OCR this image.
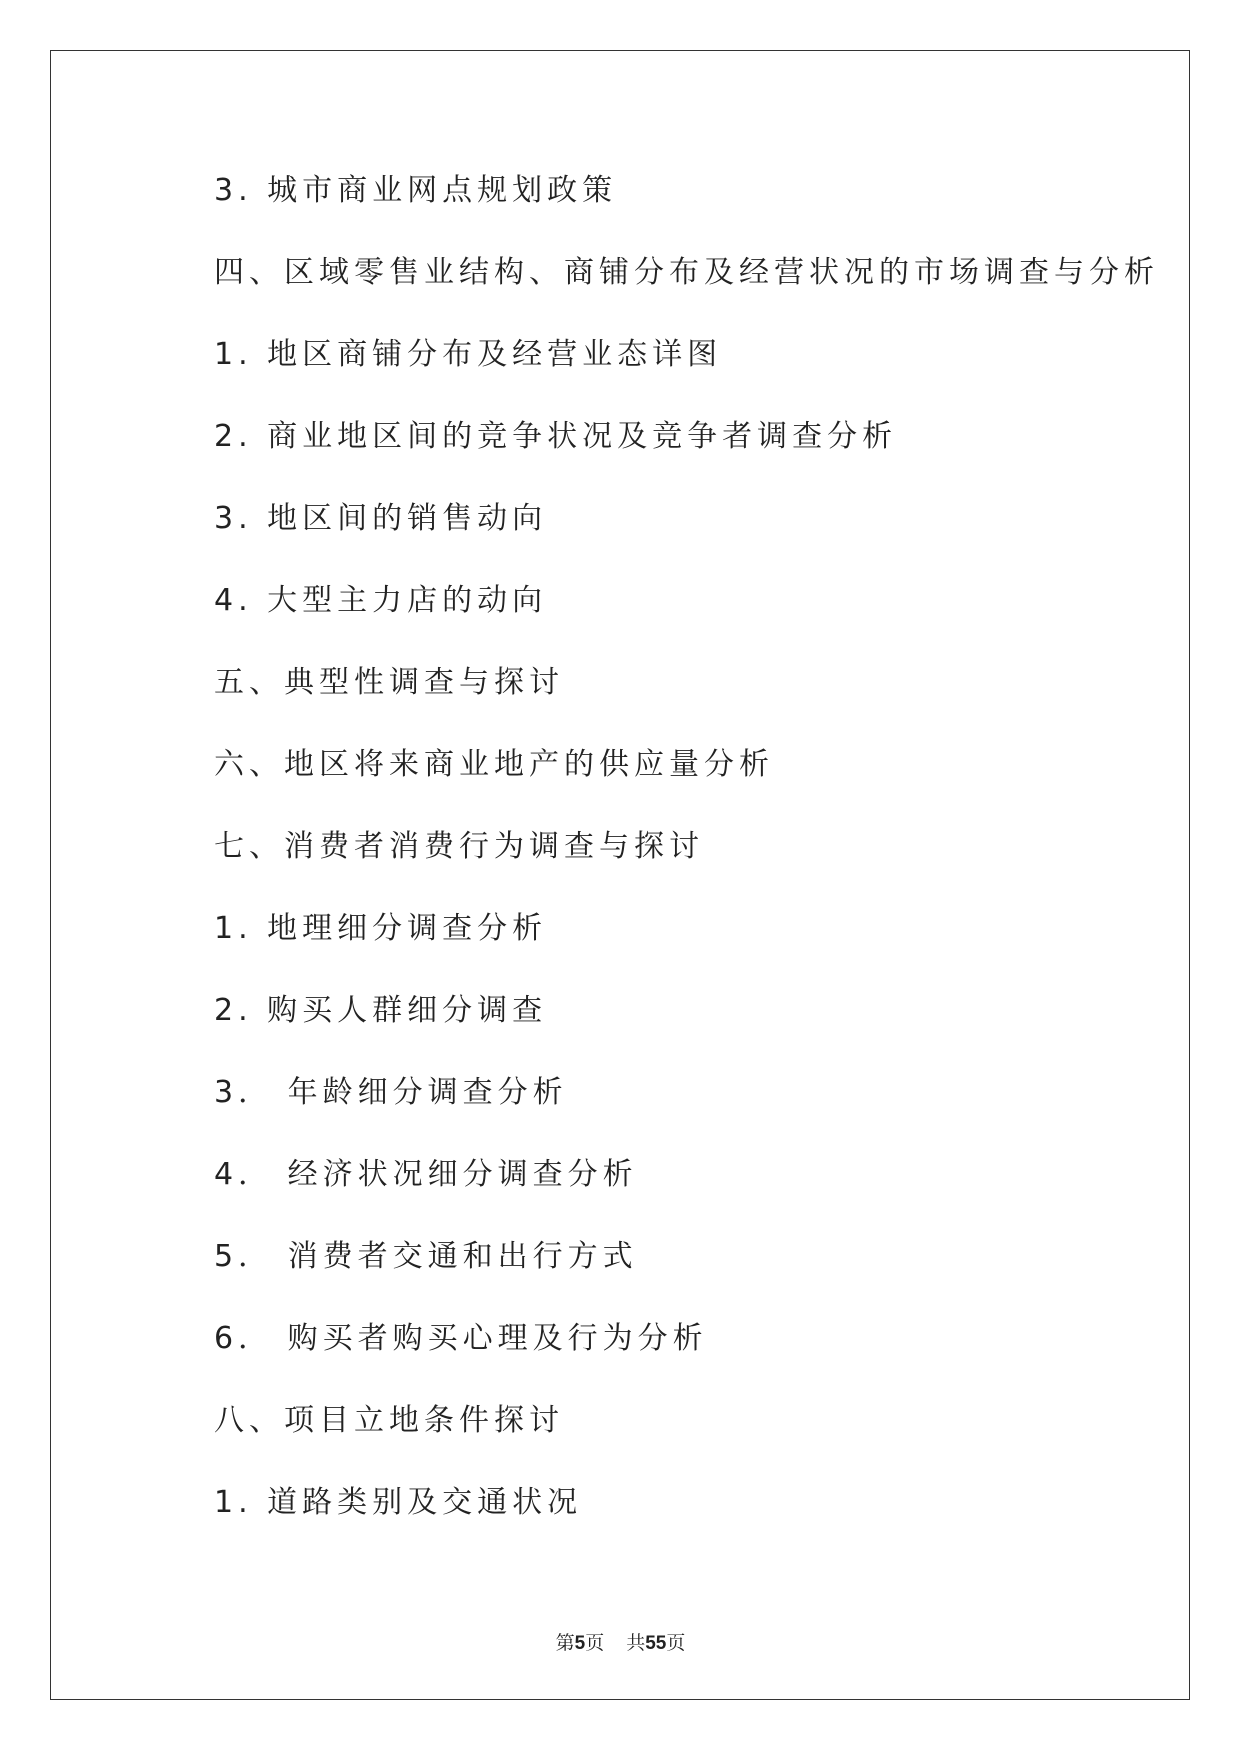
3. 城市商业网点规划政策
四、区域零售业结构、商铺分布及经营状况的市场调查与分析
1. 地区商铺分布及经营业态详图
2. 商业地区间的竞争状况及竞争者调查分析
3. 地区间的销售动向
4. 大型主力店的动向
五、典型性调查与探讨
六、地区将来商业地产的供应量分析
七、消费者消费行为调查与探讨
1. 地理细分调查分析
2. 购买人群细分调查
3． 年龄细分调查分析
4． 经济状况细分调查分析
5． 消费者交通和出行方式
6． 购买者购买心理及行为分析
八、项目立地条件探讨
1. 道路类别及交通状况
第5页 共55页
